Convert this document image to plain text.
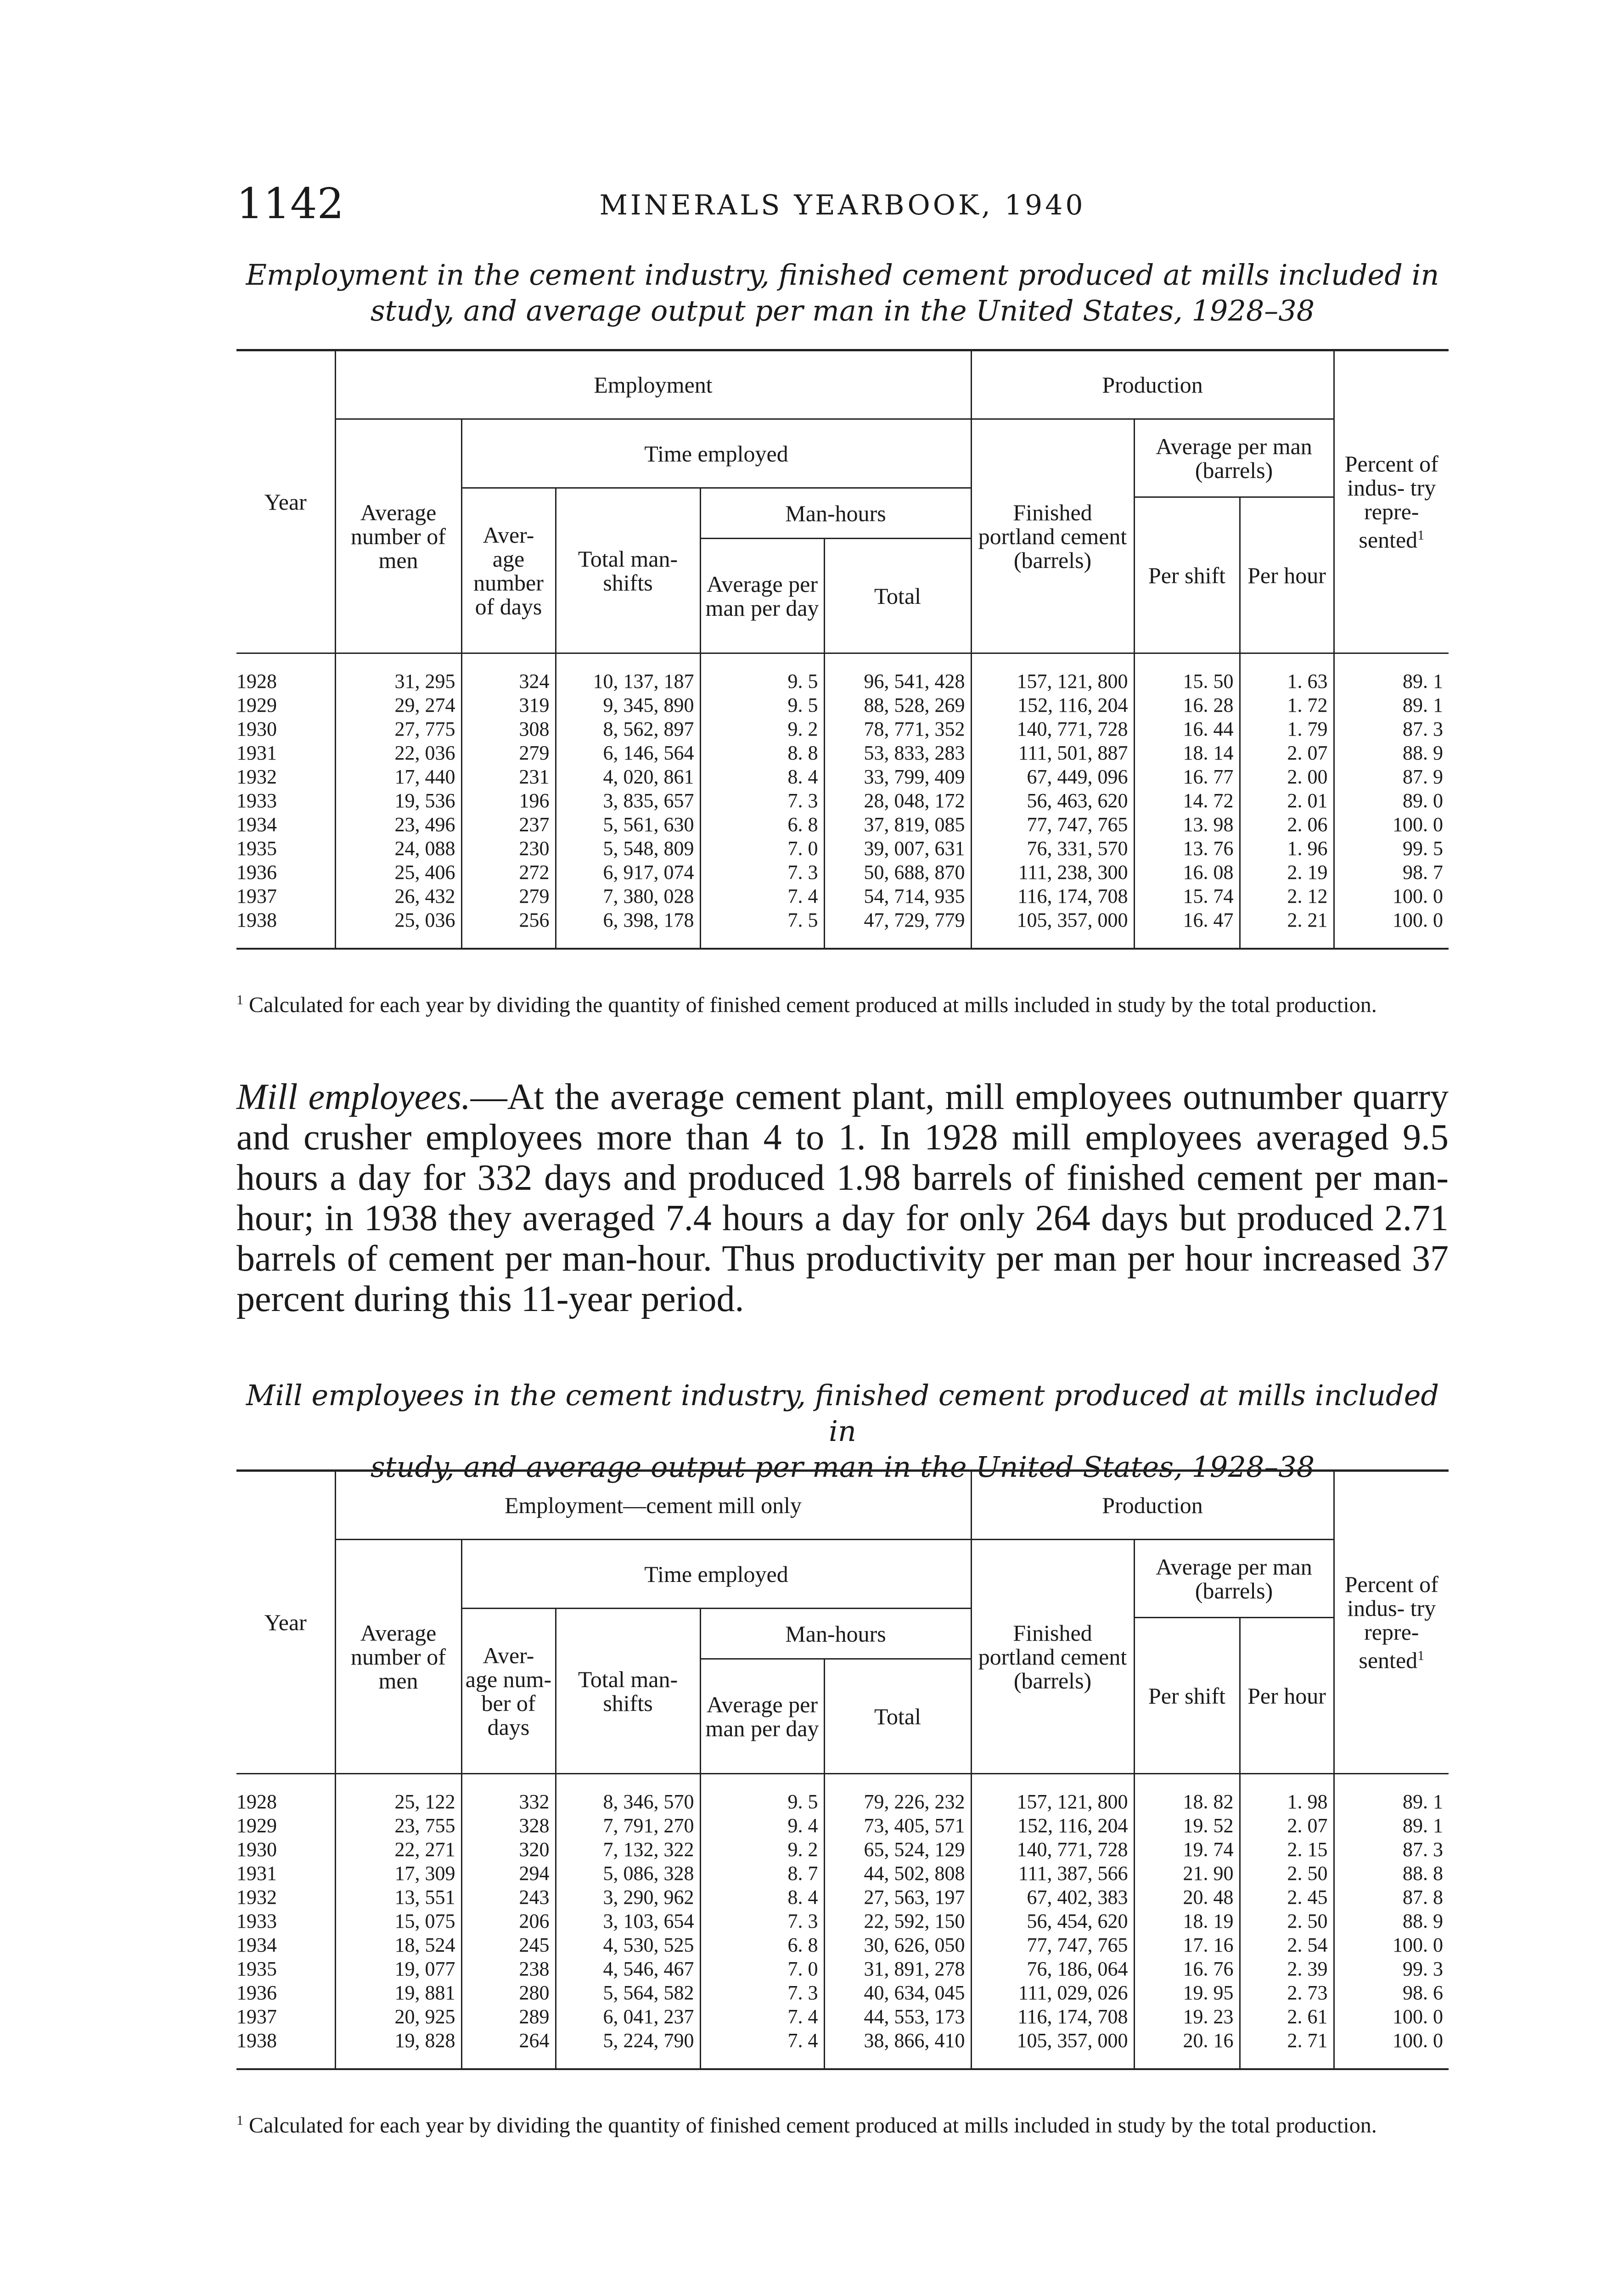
1142	MINERALS YEARBOOK, 1940
Employment in the cement industry, finished cement produced at mills included in
study, and average output per man in the United States, 1928–38
Year	Employment					Production			Percent of indus- try repre- sented$^1$
	Average number of men	Time employed				Finished portland cement (barrels)	Average per man (barrels)		
		Aver- age number of days	Total man- shifts	Man-hours					
							Per shift	Per hour	
				Average per man per day	Total				
1928	31, 295	324	10, 137, 187	9. 5	96, 541, 428	157, 121, 800	15. 50	1. 63	89. 1
1929	29, 274	319	9, 345, 890	9. 5	88, 528, 269	152, 116, 204	16. 28	1. 72	89. 1
1930	27, 775	308	8, 562, 897	9. 2	78, 771, 352	140, 771, 728	16. 44	1. 79	87. 3
1931	22, 036	279	6, 146, 564	8. 8	53, 833, 283	111, 501, 887	18. 14	2. 07	88. 9
1932	17, 440	231	4, 020, 861	8. 4	33, 799, 409	67, 449, 096	16. 77	2. 00	87. 9
1933	19, 536	196	3, 835, 657	7. 3	28, 048, 172	56, 463, 620	14. 72	2. 01	89. 0
1934	23, 496	237	5, 561, 630	6. 8	37, 819, 085	77, 747, 765	13. 98	2. 06	100. 0
1935	24, 088	230	5, 548, 809	7. 0	39, 007, 631	76, 331, 570	13. 76	1. 96	99. 5
1936	25, 406	272	6, 917, 074	7. 3	50, 688, 870	111, 238, 300	16. 08	2. 19	98. 7
1937	26, 432	279	7, 380, 028	7. 4	54, 714, 935	116, 174, 708	15. 74	2. 12	100. 0
1938	25, 036	256	6, 398, 178	7. 5	47, 729, 779	105, 357, 000	16. 47	2. 21	100. 0
$^1$ Calculated for each year by dividing the quantity of finished cement produced at mills included in study by the total production.
Mill employees.—At the average cement plant, mill employees outnumber quarry and crusher employees more than 4 to 1. In 1928 mill employees averaged 9.5 hours a day for 332 days and produced 1.98 barrels of finished cement per man-hour; in 1938 they averaged 7.4 hours a day for only 264 days but produced 2.71 barrels of cement per man-hour. Thus productivity per man per hour increased 37 percent during this 11-year period.
Mill employees in the cement industry, finished cement produced at mills included in
study, and average output per man in the United States, 1928–38
Year	Employment—cement mill only					Production			Percent of indus- try repre- sented$^1$
	Average number of men	Time employed				Finished portland cement (barrels)	Average per man (barrels)		
		Aver- age num- ber of days	Total man- shifts	Man-hours					
							Per shift	Per hour	
				Average per man per day	Total				
1928	25, 122	332	8, 346, 570	9. 5	79, 226, 232	157, 121, 800	18. 82	1. 98	89. 1
1929	23, 755	328	7, 791, 270	9. 4	73, 405, 571	152, 116, 204	19. 52	2. 07	89. 1
1930	22, 271	320	7, 132, 322	9. 2	65, 524, 129	140, 771, 728	19. 74	2. 15	87. 3
1931	17, 309	294	5, 086, 328	8. 7	44, 502, 808	111, 387, 566	21. 90	2. 50	88. 8
1932	13, 551	243	3, 290, 962	8. 4	27, 563, 197	67, 402, 383	20. 48	2. 45	87. 8
1933	15, 075	206	3, 103, 654	7. 3	22, 592, 150	56, 454, 620	18. 19	2. 50	88. 9
1934	18, 524	245	4, 530, 525	6. 8	30, 626, 050	77, 747, 765	17. 16	2. 54	100. 0
1935	19, 077	238	4, 546, 467	7. 0	31, 891, 278	76, 186, 064	16. 76	2. 39	99. 3
1936	19, 881	280	5, 564, 582	7. 3	40, 634, 045	111, 029, 026	19. 95	2. 73	98. 6
1937	20, 925	289	6, 041, 237	7. 4	44, 553, 173	116, 174, 708	19. 23	2. 61	100. 0
1938	19, 828	264	5, 224, 790	7. 4	38, 866, 410	105, 357, 000	20. 16	2. 71	100. 0
$^1$ Calculated for each year by dividing the quantity of finished cement produced at mills included in study by the total production.
